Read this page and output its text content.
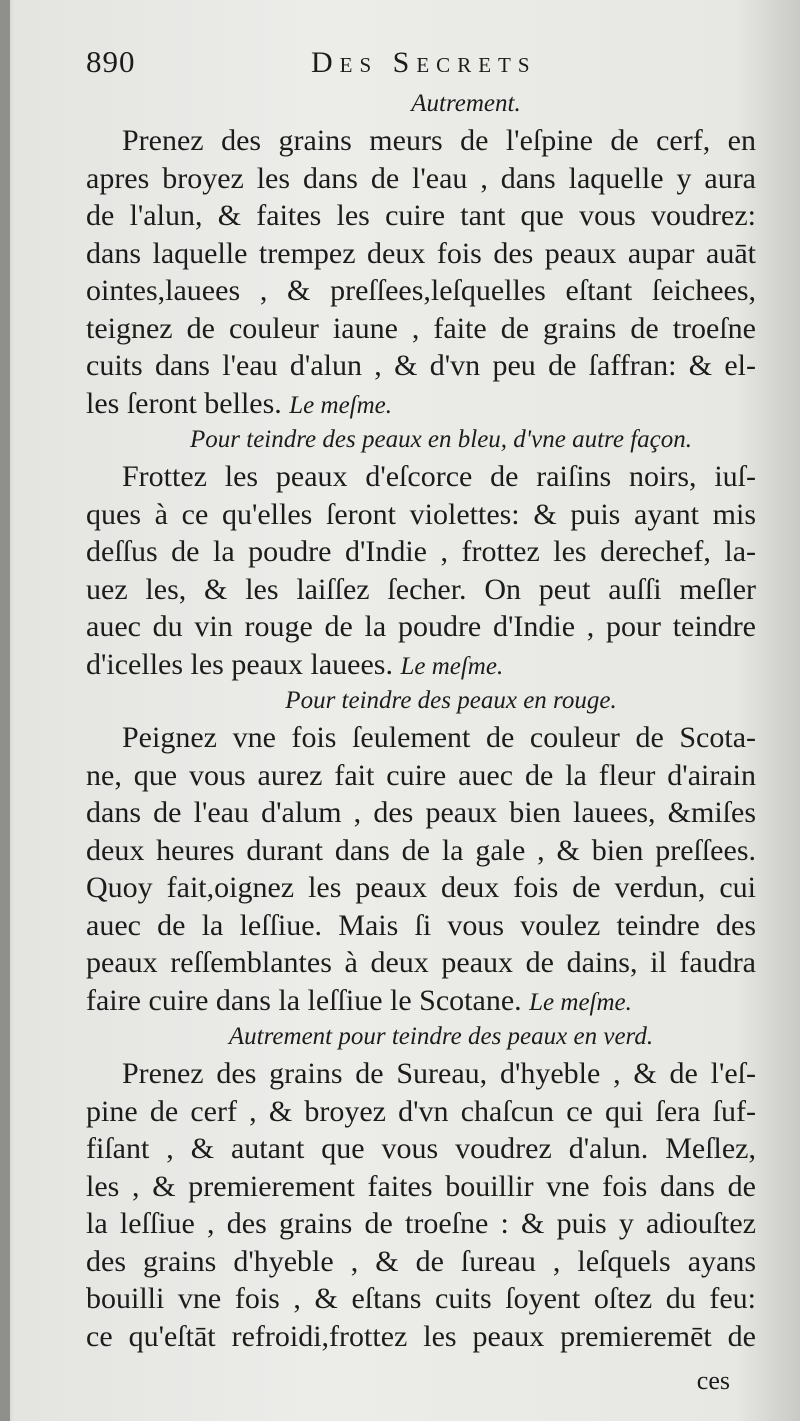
890	Des Secrets
Autrement.
Prenez des grains meurs de l'eſpine de cerf, en
apres broyez les dans de l'eau , dans laquelle y aura
de l'alun, & faites les cuire tant que vous voudrez:
dans laquelle trempez deux fois des peaux aupar auāt
ointes,lauees , & preſſees,leſquelles eſtant ſeichees,
teignez de couleur iaune , faite de grains de troeſne
cuits dans l'eau d'alun , & d'vn peu de ſaffran: & el-
les ſeront belles. Le meſme.
Pour teindre des peaux en bleu, d'vne autre façon.
Frottez les peaux d'eſcorce de raiſins noirs, iuſ-
ques à ce qu'elles ſeront violettes: & puis ayant mis
deſſus de la poudre d'Indie , frottez les derechef, la-
uez les, & les laiſſez ſecher. On peut auſſi meſler
auec du vin rouge de la poudre d'Indie , pour teindre
d'icelles les peaux lauees. Le meſme.
Pour teindre des peaux en rouge.
Peignez vne fois ſeulement de couleur de Scota-
ne, que vous aurez fait cuire auec de la fleur d'airain
dans de l'eau d'alum , des peaux bien lauees, &miſes
deux heures durant dans de la gale , & bien preſſees.
Quoy fait,oignez les peaux deux fois de verdun, cui
auec de la leſſiue. Mais ſi vous voulez teindre des
peaux reſſemblantes à deux peaux de dains, il faudra
faire cuire dans la leſſiue le Scotane. Le meſme.
Autrement pour teindre des peaux en verd.
Prenez des grains de Sureau, d'hyeble , & de l'eſ-
pine de cerf , & broyez d'vn chaſcun ce qui ſera ſuf-
fiſant , & autant que vous voudrez d'alun. Meſlez,
les , & premierement faites bouillir vne fois dans de
la leſſiue , des grains de troeſne : & puis y adiouſtez
des grains d'hyeble , & de ſureau , leſquels ayans
bouilli vne fois , & eſtans cuits ſoyent oſtez du feu:
ce qu'eſtāt refroidi,frottez les peaux premieremēt de
ces
